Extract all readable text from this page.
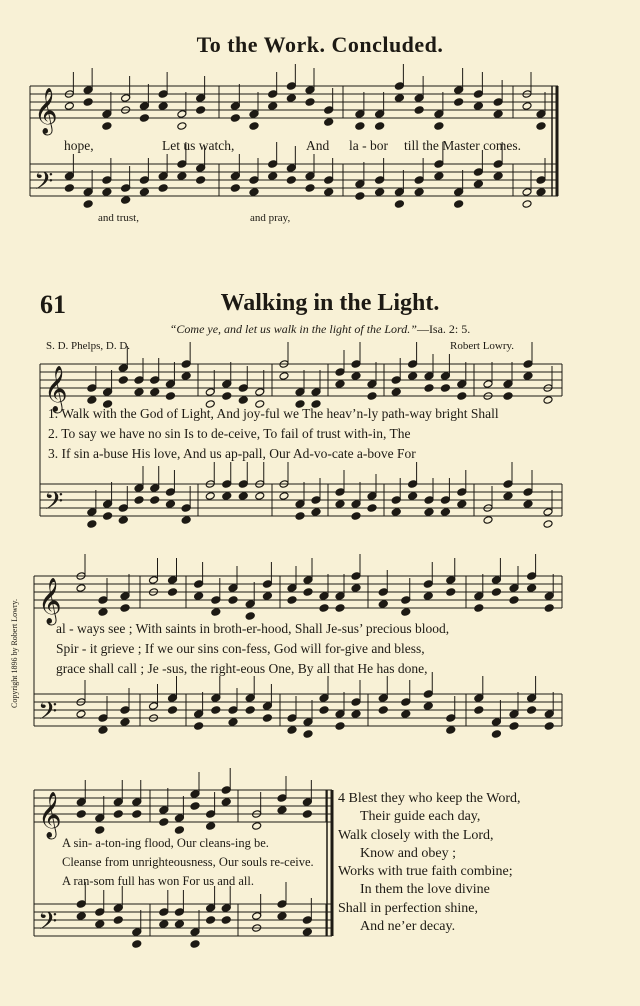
𝄞
𝄢
𝄞
𝄢
𝄞
𝄢
𝄞
𝄢
To the Work. Concluded.
hope,	Let us watch,	And la - bor till the Master comes.
and trust,	and pray,
61	Walking in the Light.
“Come ye, and let us walk in the light of the Lord.”—Isa. 2: 5.
S. D. Phelps, D. D.	Robert Lowry.
1. Walk with the God of Light, And joy-ful we The heav’n-ly path-way bright Shall
2. To say we have no sin Is to de-ceive, To fail of trust with-in, The
3. If sin a-buse His love, And us ap-pall, Our Ad-vo-cate a-bove For
al - ways see ; With saints in broth-er-hood, Shall Je-sus’ precious blood,
Spir - it grieve ; If we our sins con-fess, God will for-give and bless,
grace shall call ; Je -sus, the right-eous One, By all that He has done,
A sin- a-ton-ing flood, Our cleans-ing be.
Cleanse from unrighteousness, Our souls re-ceive.
A ran-som full has won For us and all.
4 Blest they who keep the Word,
Their guide each day,
Walk closely with the Lord,
Know and obey ;
Works with true faith combine;
In them the love divine
Shall in perfection shine,
And ne’er decay.
Copyright 1896 by Robert Lowry.
